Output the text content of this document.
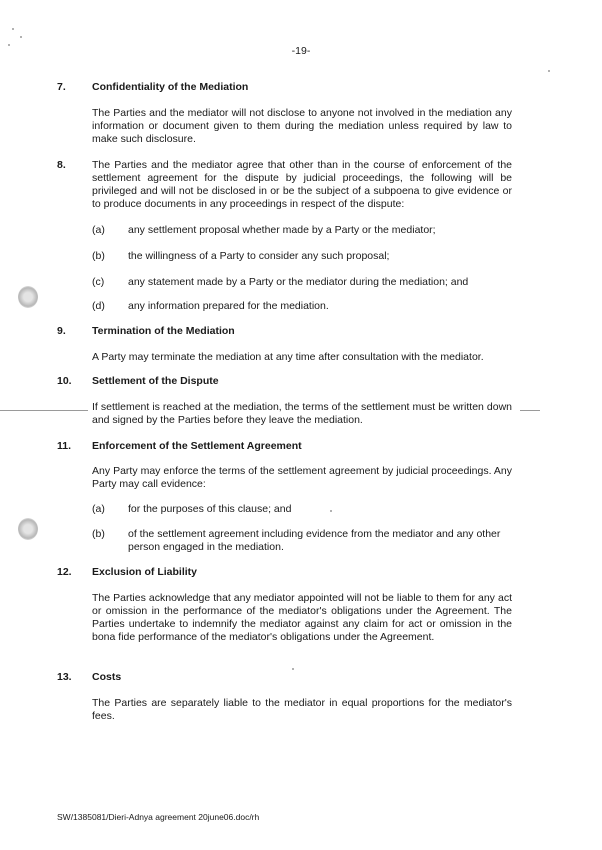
-19-
7. Confidentiality of the Mediation
The Parties and the mediator will not disclose to anyone not involved in the mediation any information or document given to them during the mediation unless required by law to make such disclosure.
8. The Parties and the mediator agree that other than in the course of enforcement of the settlement agreement for the dispute by judicial proceedings, the following will be privileged and will not be disclosed in or be the subject of a subpoena to give evidence or to produce documents in any proceedings in respect of the dispute:
(a) any settlement proposal whether made by a Party or the mediator;
(b) the willingness of a Party to consider any such proposal;
(c) any statement made by a Party or the mediator during the mediation; and
(d) any information prepared for the mediation.
9. Termination of the Mediation
A Party may terminate the mediation at any time after consultation with the mediator.
10. Settlement of the Dispute
If settlement is reached at the mediation, the terms of the settlement must be written down and signed by the Parties before they leave the mediation.
11. Enforcement of the Settlement Agreement
Any Party may enforce the terms of the settlement agreement by judicial proceedings. Any Party may call evidence:
(a) for the purposes of this clause; and
(b) of the settlement agreement including evidence from the mediator and any other person engaged in the mediation.
12. Exclusion of Liability
The Parties acknowledge that any mediator appointed will not be liable to them for any act or omission in the performance of the mediator's obligations under the Agreement. The Parties undertake to indemnify the mediator against any claim for act or omission in the bona fide performance of the mediator's obligations under the Agreement.
13. Costs
The Parties are separately liable to the mediator in equal proportions for the mediator's fees.
SW/1385081/Dieri-Adnya agreement 20june06.doc/rh
